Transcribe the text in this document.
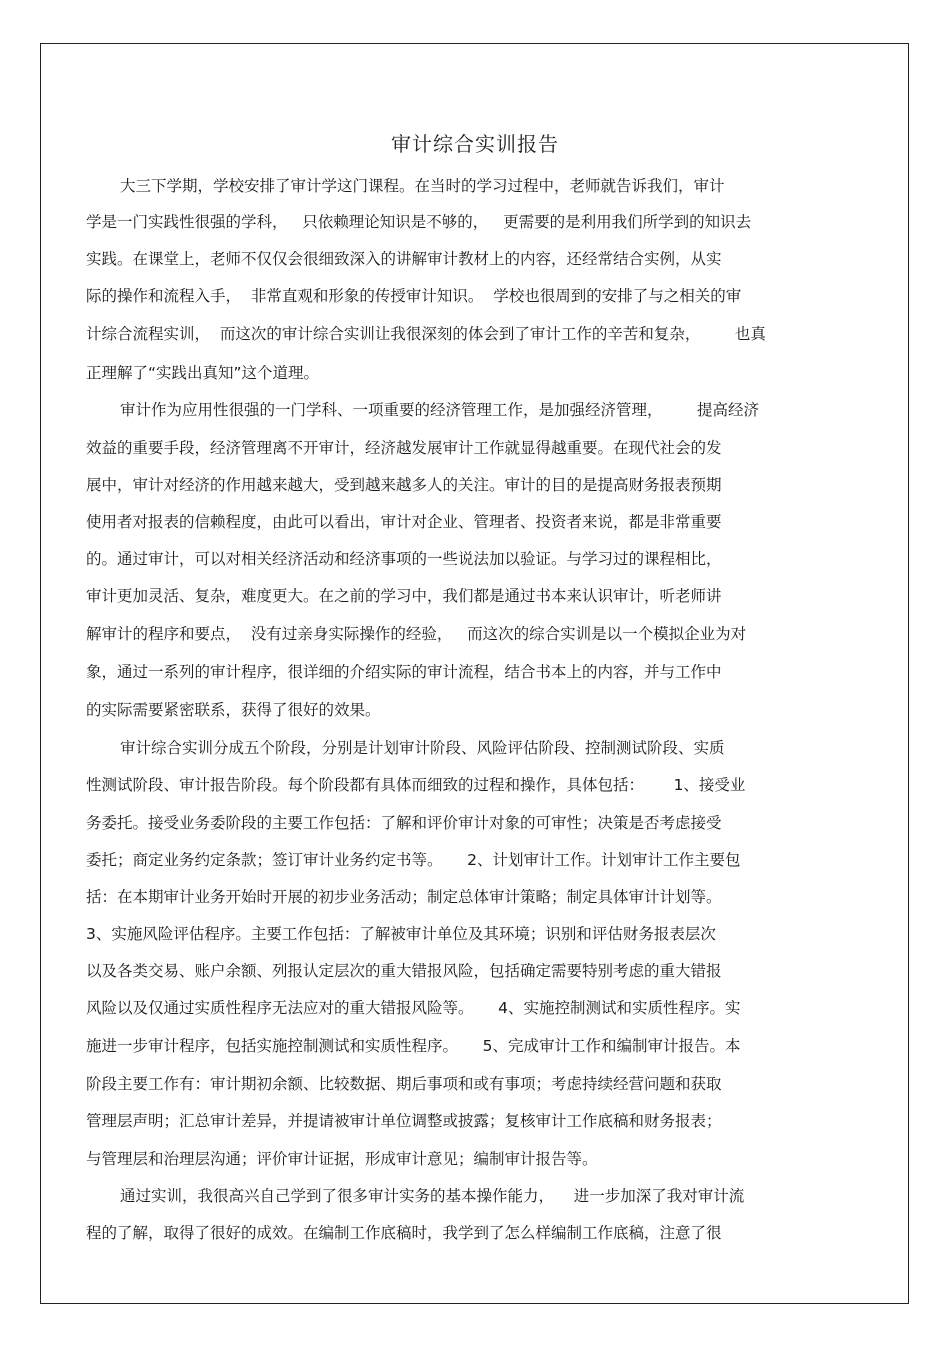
审计综合实训报告
大三下学期，学校安排了审计学这门课程。在当时的学习过程中，老师就告诉我们，审计
学是一门实践性很强的学科，   只依赖理论知识是不够的，   更需要的是利用我们所学到的知识去
实践。在课堂上，老师不仅仅会很细致深入的讲解审计教材上的内容，还经常结合实例，从实
际的操作和流程入手，  非常直观和形象的传授审计知识。  学校也很周到的安排了与之相关的审
计综合流程实训，  而这次的审计综合实训让我很深刻的体会到了审计工作的辛苦和复杂，       也真
正理解了“实践出真知”这个道理。
审计作为应用性很强的一门学科、一项重要的经济管理工作，是加强经济管理，       提高经济
效益的重要手段，经济管理离不开审计，经济越发展审计工作就显得越重要。在现代社会的发
展中，审计对经济的作用越来越大，受到越来越多人的关注。审计的目的是提高财务报表预期
使用者对报表的信赖程度，由此可以看出，审计对企业、管理者、投资者来说，都是非常重要
的。通过审计，可以对相关经济活动和经济事项的一些说法加以验证。与学习过的课程相比，
审计更加灵活、复杂，难度更大。在之前的学习中，我们都是通过书本来认识审计，听老师讲
解审计的程序和要点，  没有过亲身实际操作的经验，   而这次的综合实训是以一个模拟企业为对
象，通过一系列的审计程序，很详细的介绍实际的审计流程，结合书本上的内容，并与工作中
的实际需要紧密联系，获得了很好的效果。
审计综合实训分成五个阶段，分别是计划审计阶段、风险评估阶段、控制测试阶段、实质
性测试阶段、审计报告阶段。每个阶段都有具体而细致的过程和操作，具体包括：      1、接受业
务委托。接受业务委阶段的主要工作包括：了解和评价审计对象的可审性；决策是否考虑接受
委托；商定业务约定条款；签订审计业务约定书等。     2、计划审计工作。计划审计工作主要包
括：在本期审计业务开始时开展的初步业务活动；制定总体审计策略；制定具体审计计划等。
3、实施风险评估程序。主要工作包括：了解被审计单位及其环境；识别和评估财务报表层次
以及各类交易、账户余额、列报认定层次的重大错报风险，包括确定需要特别考虑的重大错报
风险以及仅通过实质性程序无法应对的重大错报风险等。     4、实施控制测试和实质性程序。实
施进一步审计程序，包括实施控制测试和实质性程序。     5、完成审计工作和编制审计报告。本
阶段主要工作有：审计期初余额、比较数据、期后事项和或有事项；考虑持续经营问题和获取
管理层声明；汇总审计差异，并提请被审计单位调整或披露；复核审计工作底稿和财务报表；
与管理层和治理层沟通；评价审计证据，形成审计意见；编制审计报告等。
通过实训，我很高兴自己学到了很多审计实务的基本操作能力，    进一步加深了我对审计流
程的了解，取得了很好的成效。在编制工作底稿时，我学到了怎么样编制工作底稿，注意了很
